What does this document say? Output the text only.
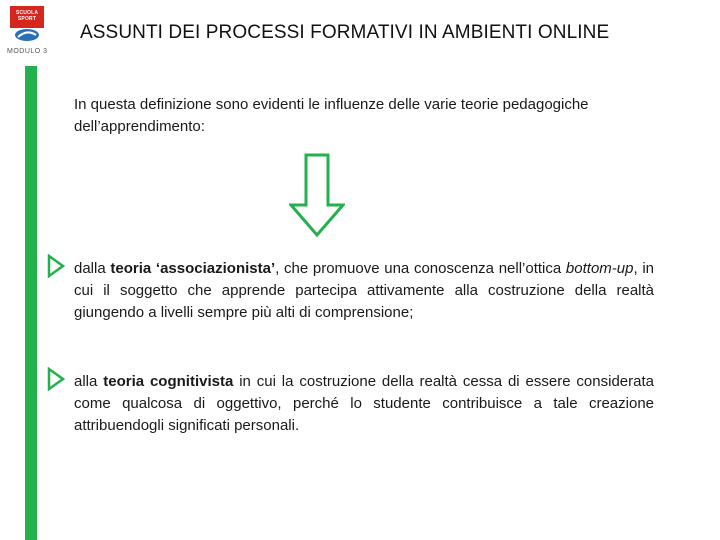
SCUOLA
SPORT
MODULO 3
ASSUNTI DEI PROCESSI FORMATIVI IN AMBIENTI ONLINE
In questa definizione sono evidenti le influenze delle varie teorie pedagogiche dell’apprendimento:
dalla teoria ‘associazionista’, che promuove una conoscenza nell’ottica bottom-up, in cui il soggetto che apprende partecipa attivamente alla costruzione della realtà giungendo a livelli sempre più alti di comprensione;
alla teoria cognitivista in cui la costruzione della realtà cessa di essere considerata come qualcosa di oggettivo, perché lo studente contribuisce a tale creazione attribuendogli significati personali.
